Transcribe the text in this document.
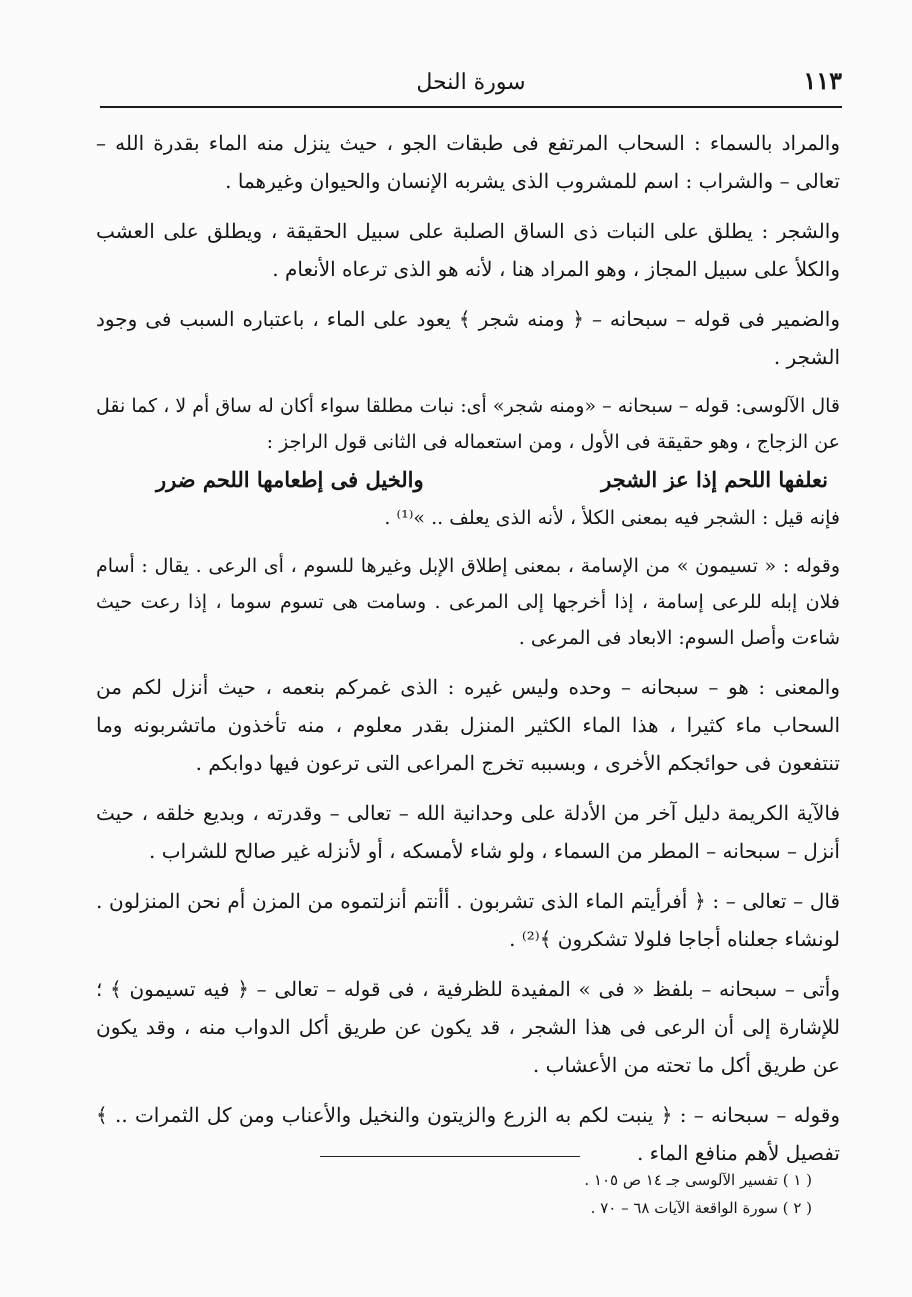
١١٣
سورة النحل

والمراد بالسماء : السحاب المرتفع فى طبقات الجو ، حيث ينزل منه الماء بقدرة الله – تعالى – والشراب : اسم للمشروب الذى يشربه الإنسان والحيوان وغيرهما .

والشجر : يطلق على النبات ذى الساق الصلبة على سبيل الحقيقة ، ويطلق على العشب والكلأ على سبيل المجاز ، وهو المراد هنا ، لأنه هو الذى ترعاه الأنعام .

والضمير فى قوله – سبحانه – ﴿ ومنه شجر ﴾ يعود على الماء ، باعتباره السبب فى وجود الشجر .

قال الآلوسى: قوله – سبحانه – «ومنه شجر» أى: نبات مطلقا سواء أكان له ساق أم لا ، كما نقل عن الزجاج ، وهو حقيقة فى الأول ، ومن استعماله فى الثانى قول الراجز :

نعلفها اللحم إذا عز الشجر
والخيل فى إطعامها اللحم ضرر

فإنه قيل : الشجر فيه بمعنى الكلأ ، لأنه الذى يعلف .. »⁽¹⁾ .

وقوله : « تسيمون » من الإسامة ، بمعنى إطلاق الإبل وغيرها للسوم ، أى الرعى . يقال : أسام فلان إبله للرعى إسامة ، إذا أخرجها إلى المرعى . وسامت هى تسوم سوما ، إذا رعت حيث شاءت وأصل السوم: الابعاد فى المرعى .

والمعنى : هو – سبحانه – وحده وليس غيره : الذى غمركم بنعمه ، حيث أنزل لكم من السحاب ماء كثيرا ، هذا الماء الكثير المنزل بقدر معلوم ، منه تأخذون ماتشربونه وما تنتفعون فى حوائجكم الأخرى ، وبسببه تخرج المراعى التى ترعون فيها دوابكم .

فالآية الكريمة دليل آخر من الأدلة على وحدانية الله – تعالى – وقدرته ، وبديع خلقه ، حيث أنزل – سبحانه – المطر من السماء ، ولو شاء لأمسكه ، أو لأنزله غير صالح للشراب .

قال – تعالى – : ﴿ أفرأيتم الماء الذى تشربون . أأنتم أنزلتموه من المزن أم نحن المنزلون . لونشاء جعلناه أجاجا فلولا تشكرون ﴾⁽²⁾ .

وأتى – سبحانه – بلفظ « فى » المفيدة للظرفية ، فى قوله – تعالى – ﴿ فيه تسيمون ﴾ ؛ للإشارة إلى أن الرعى فى هذا الشجر ، قد يكون عن طريق أكل الدواب منه ، وقد يكون عن طريق أكل ما تحته من الأعشاب .

وقوله – سبحانه – : ﴿ ينبت لكم به الزرع والزيتون والنخيل والأعناب ومن كل الثمرات .. ﴾ تفصيل لأهم منافع الماء .

( ١ ) تفسير الآلوسى جـ ١٤ ص ١٠٥ .

( ٢ ) سورة الواقعة الآيات ٦٨ – ٧٠ .
